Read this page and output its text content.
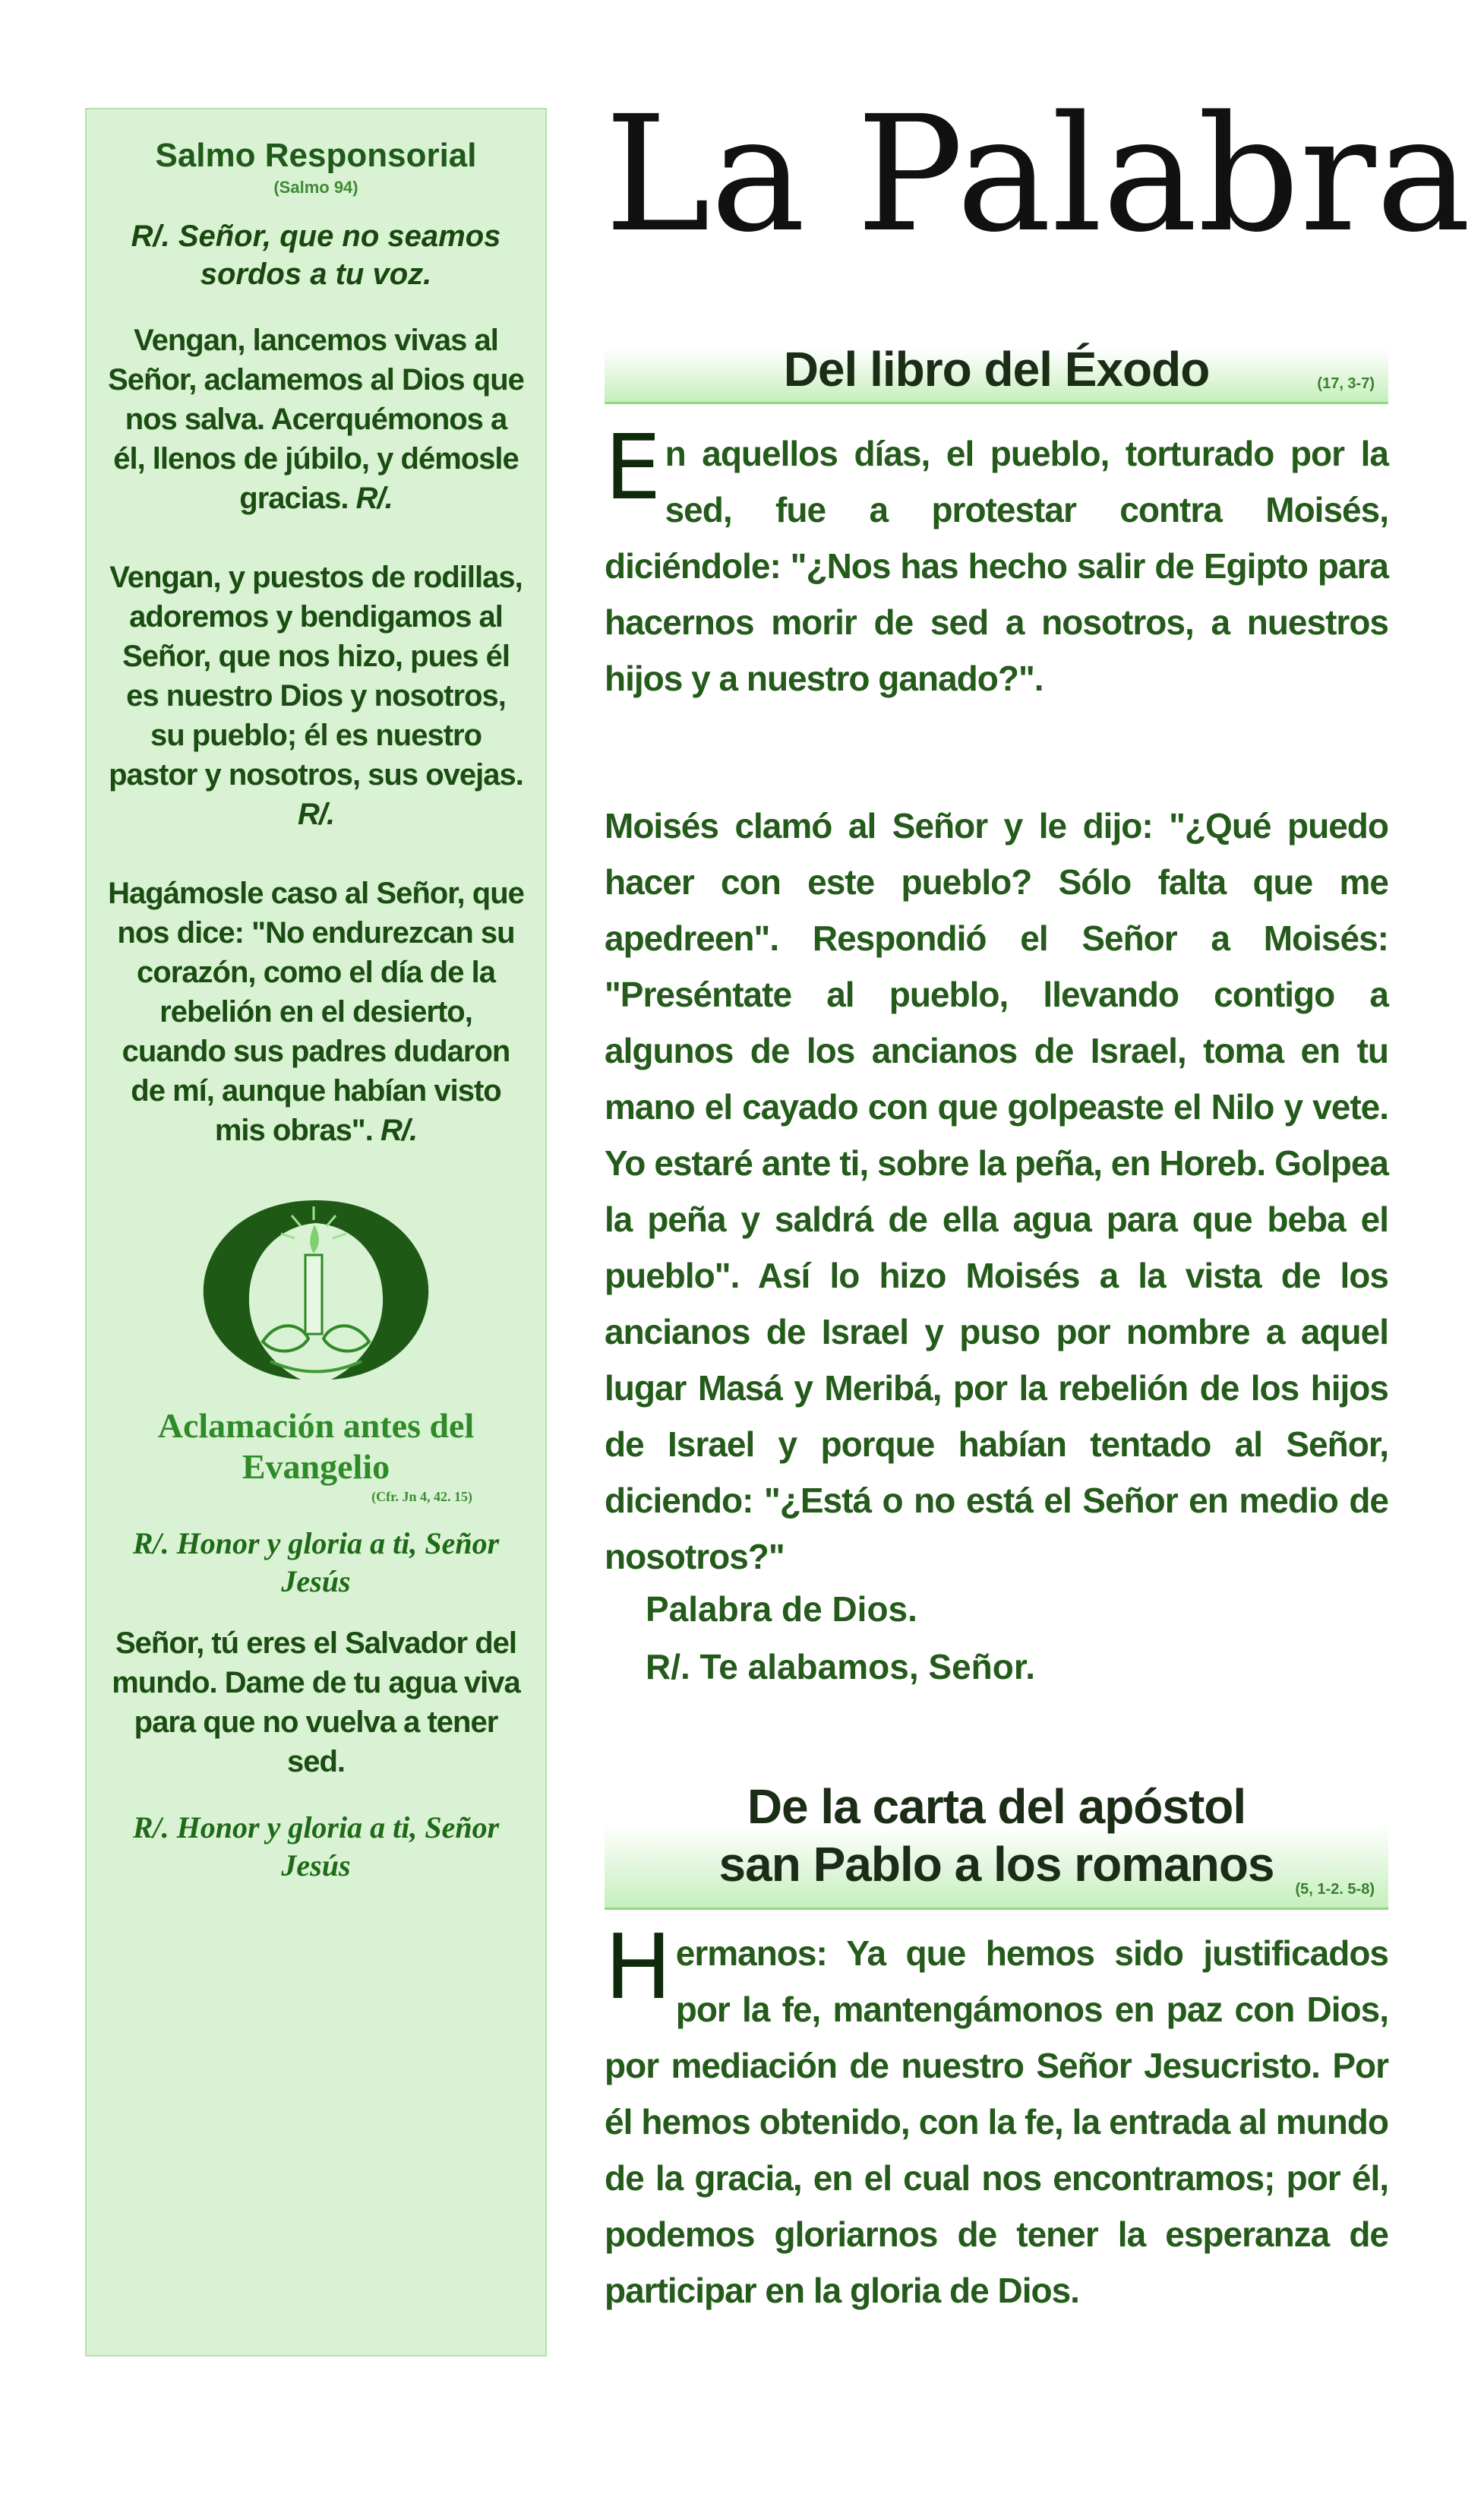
Salmo Responsorial
(Salmo 94)

R/. Señor, que no seamos sordos a tu voz.

Vengan, lancemos vivas al Señor, aclamemos al Dios que nos salva. Acerquémonos a él, llenos de júbilo, y démosle gracias. R/.

Vengan, y puestos de rodillas, adoremos y bendigamos al Señor, que nos hizo, pues él es nuestro Dios y nosotros, su pueblo; él es nuestro pastor y nosotros, sus ovejas. R/.

Hagámosle caso al Señor, que nos dice: "No endurezcan su corazón, como el día de la rebelión en el desierto, cuando sus padres dudaron de mí, aunque habían visto mis obras". R/.

Aclamación antes del Evangelio
(Cfr. Jn 4, 42. 15)

R/. Honor y gloria a ti, Señor Jesús

Señor, tú eres el Salvador del mundo. Dame de tu agua viva para que no vuelva a tener sed.

R/. Honor y gloria a ti, Señor Jesús

La Palabra
Del libro del Éxodo	(17, 3-7)

En aquellos días, el pueblo, torturado por la sed, fue a protestar contra Moisés, diciéndole: "¿Nos has hecho salir de Egipto para hacernos morir de sed a nosotros, a nuestros hijos y a nuestro ganado?".

Moisés clamó al Señor y le dijo: "¿Qué puedo hacer con este pueblo? Sólo falta que me apedreen". Respondió el Señor a Moisés: "Preséntate al pueblo, llevando contigo a algunos de los ancianos de Israel, toma en tu mano el cayado con que golpeaste el Nilo y vete. Yo estaré ante ti, sobre la peña, en Horeb. Golpea la peña y saldrá de ella agua para que beba el pueblo". Así lo hizo Moisés a la vista de los ancianos de Israel y puso por nombre a aquel lugar Masá y Meribá, por la rebelión de los hijos de Israel y porque habían tentado al Señor, diciendo: "¿Está o no está el Señor en medio de nosotros?"

Palabra de Dios.
R/. Te alabamos, Señor.

De la carta del apóstol
san Pablo a los romanos	(5, 1-2. 5-8)

Hermanos: Ya que hemos sido justificados por la fe, mantengámonos en paz con Dios, por mediación de nuestro Señor Jesucristo. Por él hemos obtenido, con la fe, la entrada al mundo de la gracia, en el cual nos encontramos; por él, podemos gloriarnos de tener la esperanza de participar en la gloria de Dios.
